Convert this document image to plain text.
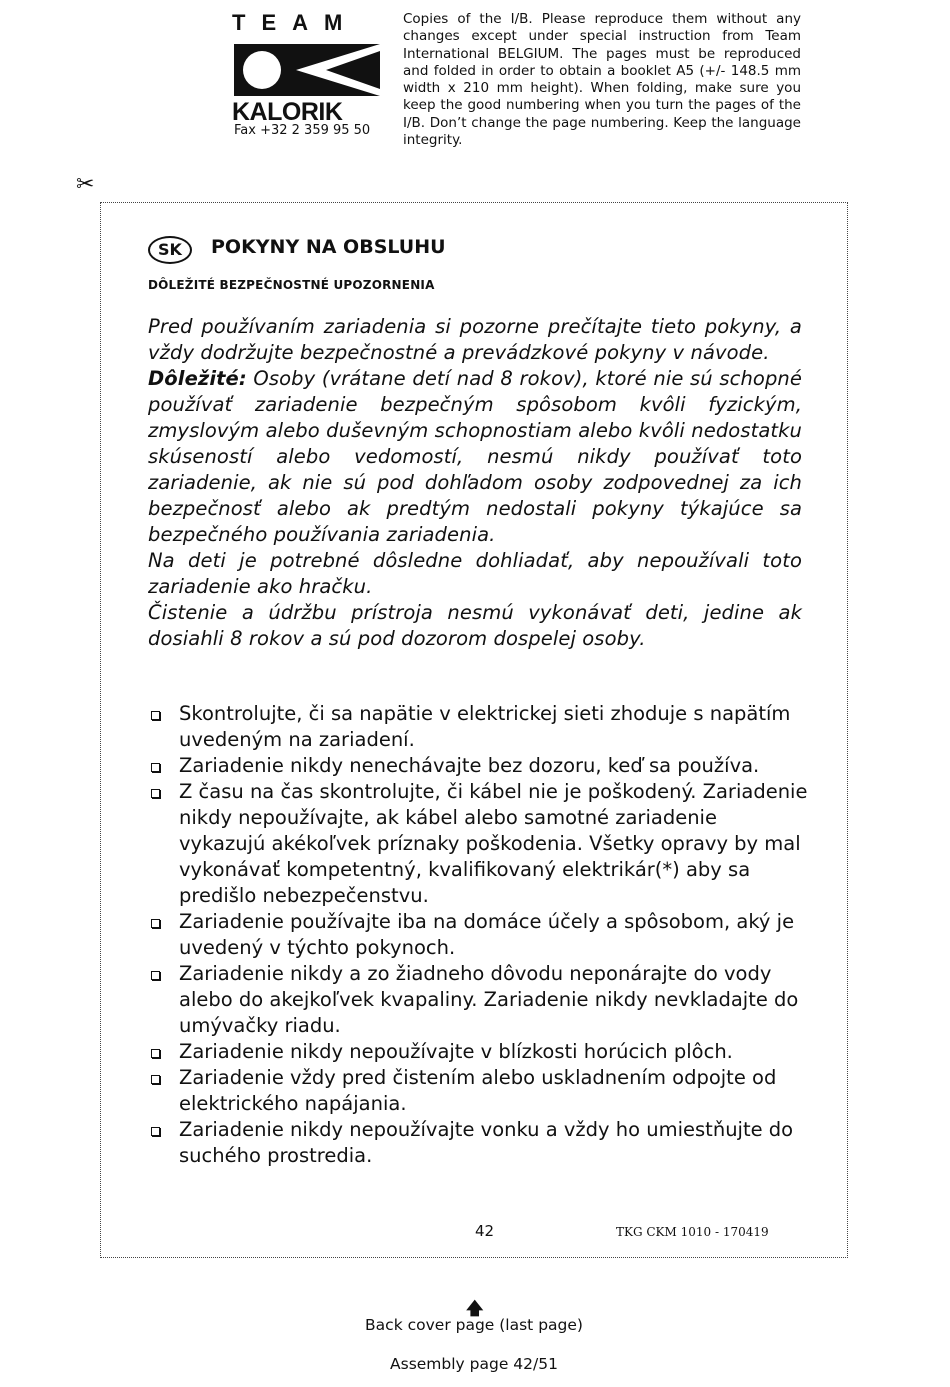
TEAM
KALORIK
Fax +32 2 359 95 50
Copies of the I/B. Please reproduce them without any changes except under special instruction from Team International BELGIUM. The pages must be reproduced and folded in order to obtain a booklet A5 (+/- 148.5 mm width x 210 mm height). When folding, make sure you keep the good numbering when you turn the pages of the I/B. Don’t change the page numbering. Keep the language integrity.
✂
SK	POKYNY NA OBSLUHU
DÔLEŽITÉ BEZPEČNOSTNÉ UPOZORNENIA

Pred používaním zariadenia si pozorne prečítajte tieto pokyny, a vždy dodržujte bezpečnostné a prevádzkové pokyny v návode.

Dôležité: Osoby (vrátane detí nad 8 rokov), ktoré nie sú schopné používať zariadenie bezpečným spôsobom kvôli fyzickým, zmyslovým alebo duševným schopnostiam alebo kvôli nedostatku skúseností alebo vedomostí, nesmú nikdy používať toto zariadenie, ak nie sú pod dohľadom osoby zodpovednej za ich bezpečnosť alebo ak predtým nedostali pokyny týkajúce sa bezpečného používania zariadenia.

Na deti je potrebné dôsledne dohliadať, aby nepoužívali toto zariadenie ako hračku.

Čistenie a údržbu prístroja nesmú vykonávať deti, jedine ak dosiahli 8 rokov a sú pod dozorom dospelej osoby.

Skontrolujte, či sa napätie v elektrickej sieti zhoduje s napätím uvedeným na zariadení.
Zariadenie nikdy nenechávajte bez dozoru, keď sa používa.
Z času na čas skontrolujte, či kábel nie je poškodený. Zariadenie nikdy nepoužívajte, ak kábel alebo samotné zariadenie vykazujú akékoľvek príznaky poškodenia. Všetky opravy by mal vykonávať kompetentný, kvalifikovaný elektrikár(*) aby sa predišlo nebezpečenstvu.
Zariadenie používajte iba na domáce účely a spôsobom, aký je uvedený v týchto pokynoch.
Zariadenie nikdy a zo žiadneho dôvodu neponárajte do vody alebo do akejkoľvek kvapaliny. Zariadenie nikdy nevkladajte do umývačky riadu.
Zariadenie nikdy nepoužívajte v blízkosti horúcich plôch.
Zariadenie vždy pred čistením alebo uskladnením odpojte od elektrického napájania.
Zariadenie nikdy nepoužívajte vonku a vždy ho umiestňujte do suchého prostredia.
42	TKG CKM 1010 - 170419
🡅
Back cover page (last page)
Assembly page 42/51
